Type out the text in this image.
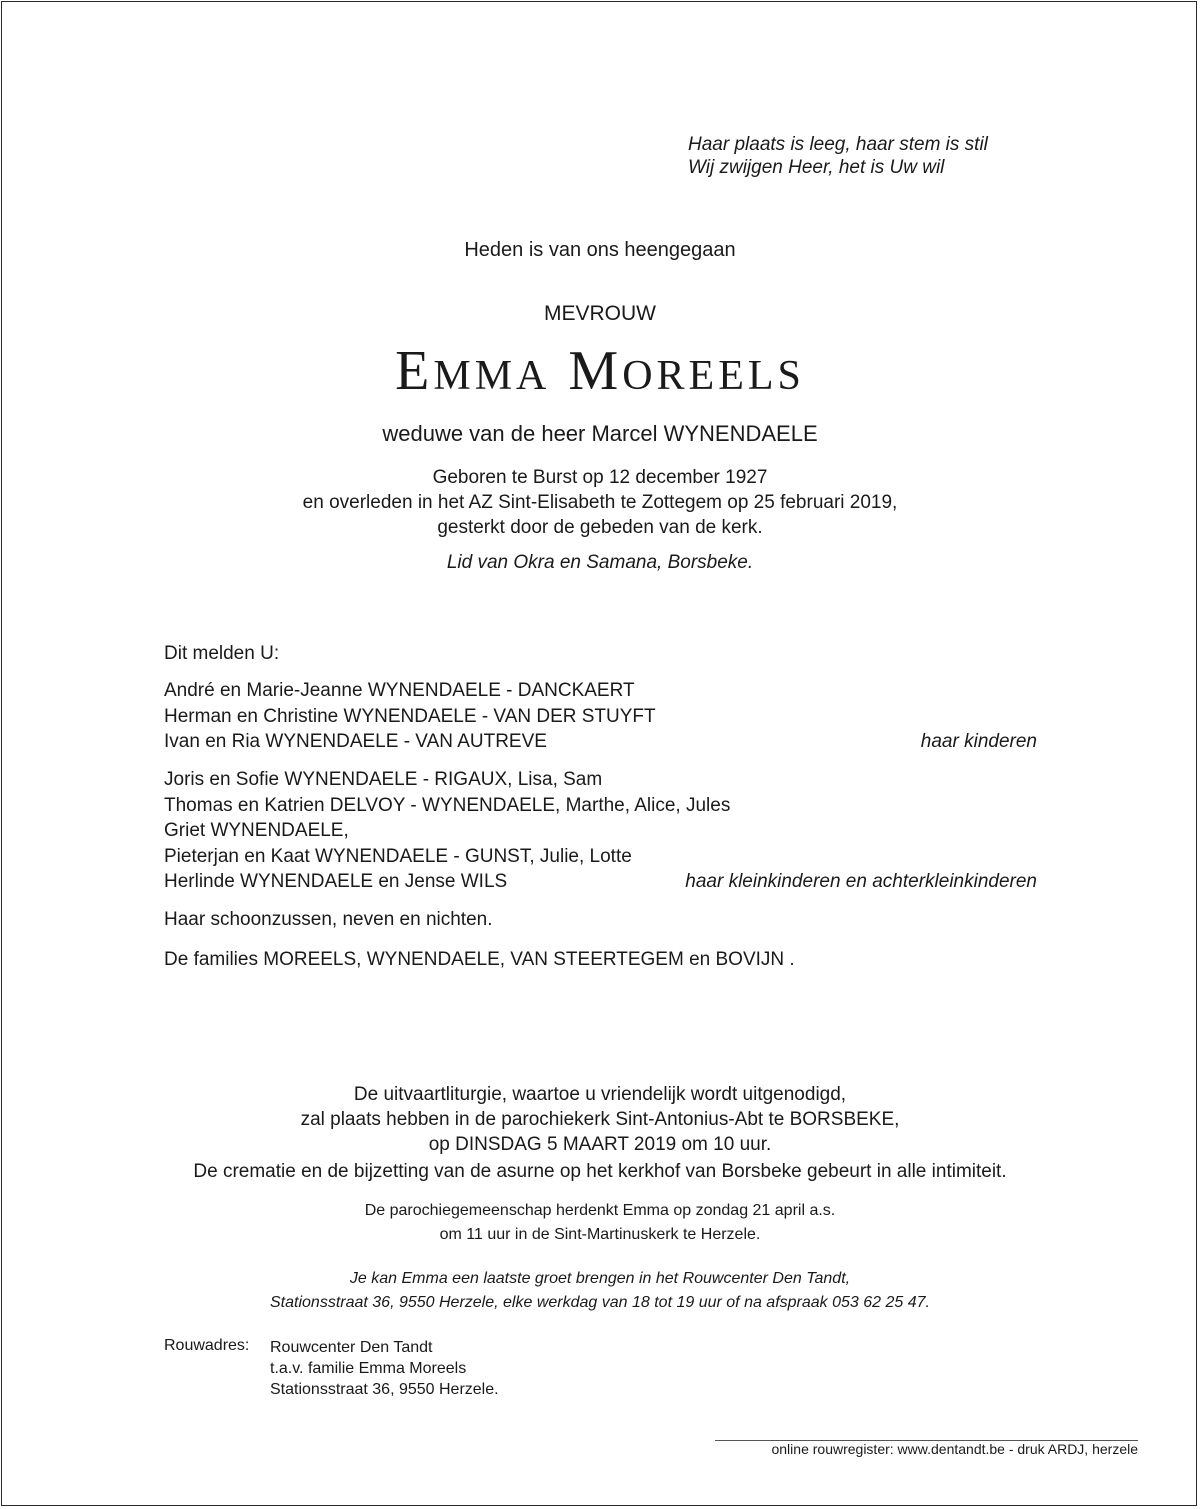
Haar plaats is leeg, haar stem is stil
Wij zwijgen Heer, het is Uw wil
Heden is van ons heengegaan
MEVROUW
EMMA MOREELS
weduwe van de heer Marcel WYNENDAELE
Geboren te Burst op 12 december 1927
en overleden in het AZ Sint-Elisabeth te Zottegem op 25 februari 2019,
gesterkt door de gebeden van de kerk.
Lid van Okra en Samana, Borsbeke.
Dit melden U:
André en Marie-Jeanne WYNENDAELE - DANCKAERT
Herman en Christine WYNENDAELE - VAN DER STUYFT
Ivan en Ria WYNENDAELE - VAN AUTREVE	haar kinderen
Joris en Sofie WYNENDAELE - RIGAUX, Lisa, Sam
Thomas en Katrien DELVOY - WYNENDAELE, Marthe, Alice, Jules
Griet WYNENDAELE,
Pieterjan en Kaat WYNENDAELE - GUNST, Julie, Lotte
Herlinde WYNENDAELE en Jense WILS	haar kleinkinderen en achterkleinkinderen
Haar schoonzussen, neven en nichten.
De families MOREELS, WYNENDAELE, VAN STEERTEGEM en BOVIJN .
De uitvaartliturgie, waartoe u vriendelijk wordt uitgenodigd,
zal plaats hebben in de parochiekerk Sint-Antonius-Abt te BORSBEKE,
op DINSDAG 5 MAART 2019 om 10 uur.
De crematie en de bijzetting van de asurne op het kerkhof van Borsbeke gebeurt in alle intimiteit.
De parochiegemeenschap herdenkt Emma op zondag 21 april a.s.
om 11 uur in de Sint-Martinuskerk te Herzele.
Je kan Emma een laatste groet brengen in het Rouwcenter Den Tandt,
Stationsstraat 36, 9550 Herzele, elke werkdag van 18 tot 19 uur of na afspraak 053 62 25 47.
Rouwadres: Rouwcenter Den Tandt
t.a.v. familie Emma Moreels
Stationsstraat 36, 9550 Herzele.
online rouwregister: www.dentandt.be - druk ARDJ, herzele
